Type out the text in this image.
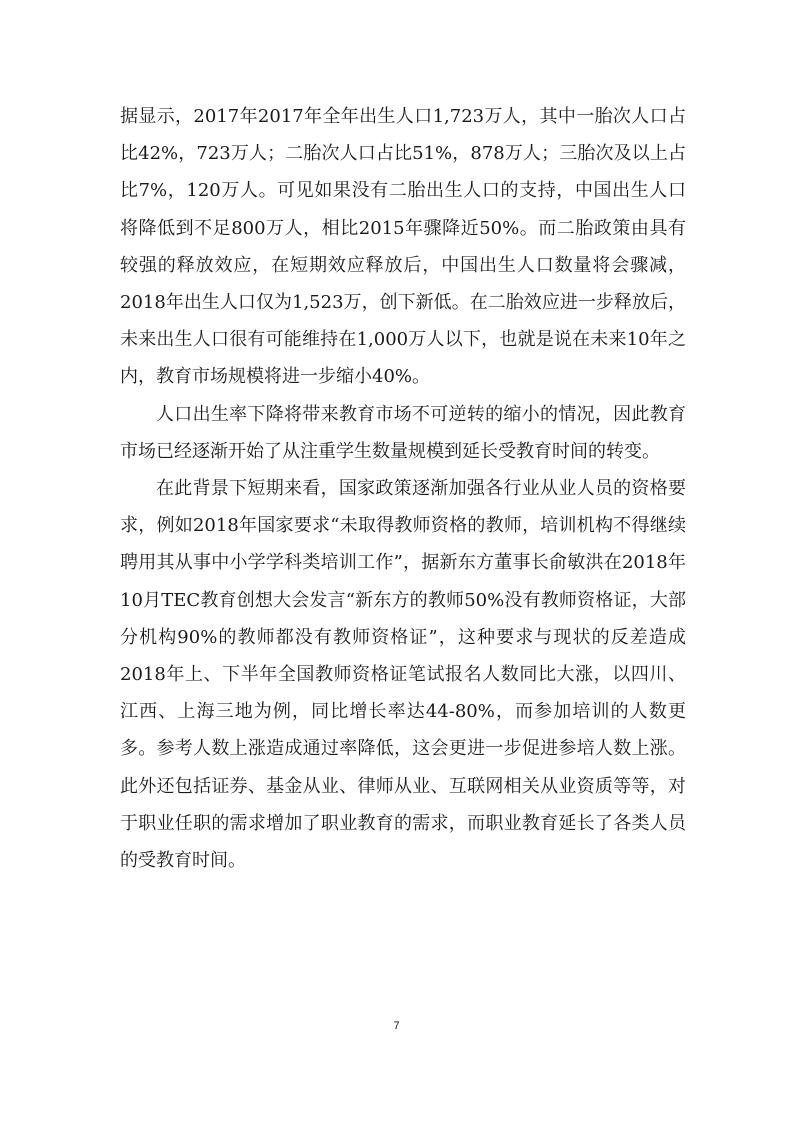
据显示，2017年2017年全年出生人口1,723万人，其中一胎次人口占比42%，723万人；二胎次人口占比51%，878万人；三胎次及以上占比7%，120万人。可见如果没有二胎出生人口的支持，中国出生人口将降低到不足800万人，相比2015年骤降近50%。而二胎政策由具有较强的释放效应，在短期效应释放后，中国出生人口数量将会骤减，2018年出生人口仅为1,523万，创下新低。在二胎效应进一步释放后，未来出生人口很有可能维持在1,000万人以下，也就是说在未来10年之内，教育市场规模将进一步缩小40%。

人口出生率下降将带来教育市场不可逆转的缩小的情况，因此教育市场已经逐渐开始了从注重学生数量规模到延长受教育时间的转变。

在此背景下短期来看，国家政策逐渐加强各行业从业人员的资格要求，例如2018年国家要求“未取得教师资格的教师，培训机构不得继续聘用其从事中小学学科类培训工作”，据新东方董事长俞敏洪在2018年10月TEC教育创想大会发言“新东方的教师50%没有教师资格证，大部分机构90%的教师都没有教师资格证”，这种要求与现状的反差造成2018年上、下半年全国教师资格证笔试报名人数同比大涨，以四川、江西、上海三地为例，同比增长率达44-80%，而参加培训的人数更多。参考人数上涨造成通过率降低，这会更进一步促进参培人数上涨。此外还包括证券、基金从业、律师从业、互联网相关从业资质等等，对于职业任职的需求增加了职业教育的需求，而职业教育延长了各类人员的受教育时间。

7
